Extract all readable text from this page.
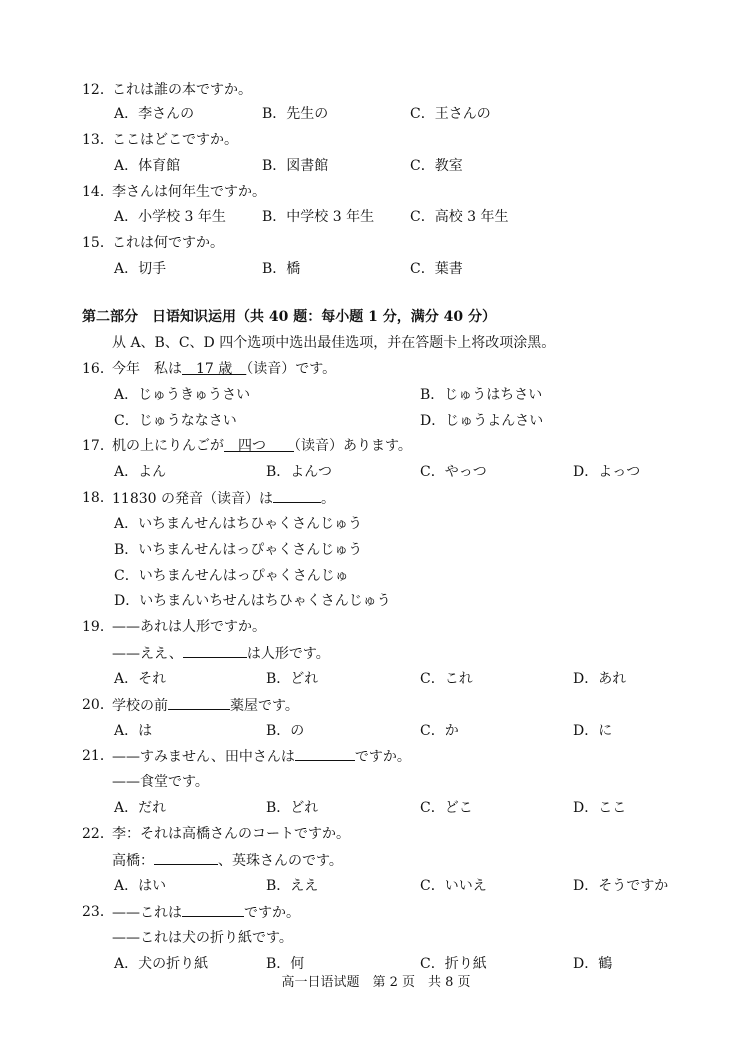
12．
これは誰の本ですか。
A．李さんの	B．先生の	C．王さんの
13．
ここはどこですか。
A．体育館	B．図書館	C．教室
14．
李さんは何年生ですか。
A．小学校 3 年生	B．中学校 3 年生	C．高校 3 年生
15．
これは何ですか。
A．切手	B．橋	C．葉書
第二部分　日语知识运用（共 40 题：每小题 1 分，满分 40 分）
从 A、B、C、D 四个选项中选出最佳选项，并在答题卡上将改项涂黑。
16．
今年　私は　17 歳　（读音）です。
A．じゅうきゅうさい	B．じゅうはちさい
C．じゅうななさい	D．じゅうよんさい
17．
机の上にりんごが　四つ　　（读音）あります。
A．よん	B．よんつ	C．やっつ	D．よっつ
18．
11830 の発音（读音）は	。
A．いちまんせんはちひゃくさんじゅう
B．いちまんせんはっぴゃくさんじゅう
C．いちまんせんはっぴゃくさんじゅ
D．いちまんいちせんはちひゃくさんじゅう
19．
——あれは人形ですか。
——ええ、	は人形です。
A．それ	B．どれ	C．これ	D．あれ
20．
学校の前	薬屋です。
A．は	B．の	C．か	D．に
21．
——すみません、田中さんは	ですか。
——食堂です。
A．だれ	B．どれ	C．どこ	D．ここ
22．
李：それは高橋さんのコートですか。
高橋：	、英珠さんのです。
A．はい	B．ええ	C．いいえ	D．そうですか
23．
——これは	ですか。
——これは犬の折り紙です。
A．犬の折り紙	B．何	C．折り紙	D．鶴
高一日语试题　第 2 页　共 8 页
